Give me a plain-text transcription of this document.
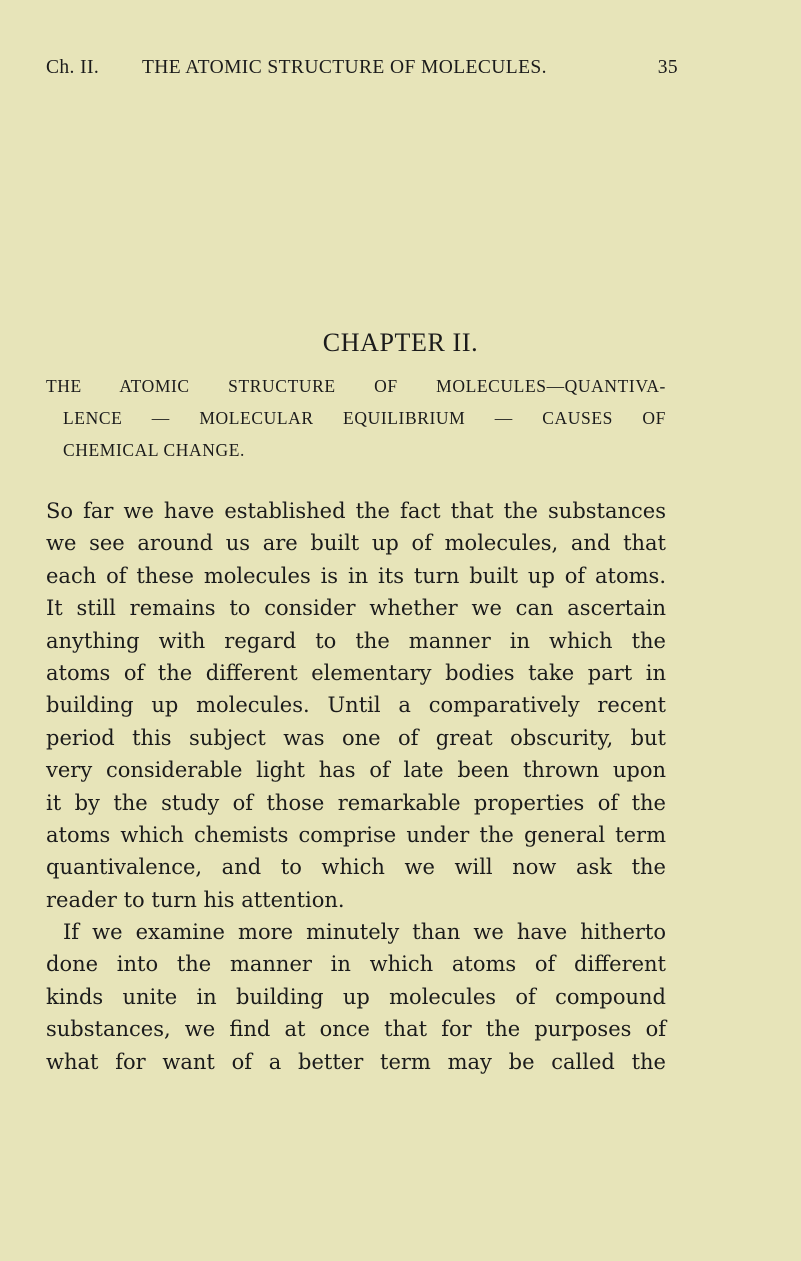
Ch. II. THE ATOMIC STRUCTURE OF MOLECULES.	35
CHAPTER II.
THE ATOMIC STRUCTURE OF MOLECULES—QUANTIVA-
LENCE — MOLECULAR EQUILIBRIUM — CAUSES OF
CHEMICAL CHANGE.
So far we have established the fact that the substances
we see around us are built up of molecules, and that
each of these molecules is in its turn built up of atoms.
It still remains to consider whether we can ascertain
anything with regard to the manner in which the
atoms of the different elementary bodies take part in
building up molecules. Until a comparatively recent
period this subject was one of great obscurity, but
very considerable light has of late been thrown upon
it by the study of those remarkable properties of the
atoms which chemists comprise under the general term
quantivalence, and to which we will now ask the
reader to turn his attention.
If we examine more minutely than we have hitherto
done into the manner in which atoms of different
kinds unite in building up molecules of compound
substances, we find at once that for the purposes of
what for want of a better term may be called the
